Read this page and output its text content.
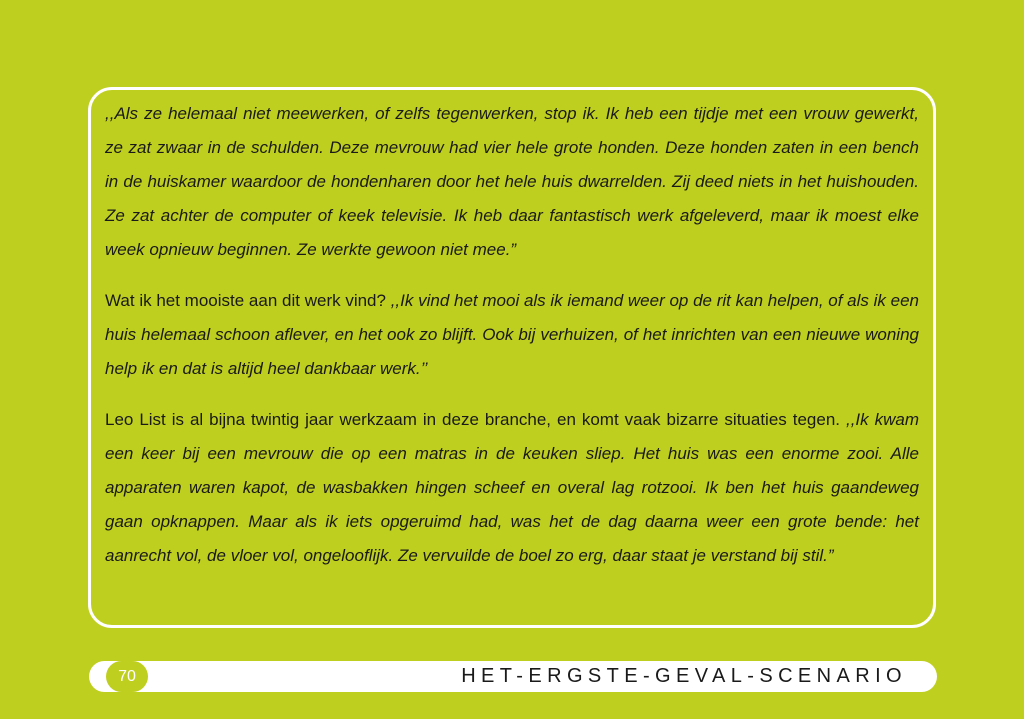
,,Als ze helemaal niet meewerken, of zelfs tegenwerken, stop ik. Ik heb een tijdje met een vrouw gewerkt, ze zat zwaar in de schulden. Deze mevrouw had vier hele grote honden. Deze honden zaten in een bench in de huiskamer waardoor de hondenharen door het hele huis dwarrelden. Zij deed niets in het huishouden. Ze zat achter de computer of keek televisie. Ik heb daar fantastisch werk afgeleverd, maar ik moest elke week opnieuw beginnen. Ze werkte gewoon niet mee.”

Wat ik het mooiste aan dit werk vind? ,,Ik vind het mooi als ik iemand weer op de rit kan helpen, of als ik een huis helemaal schoon aflever, en het ook zo blijft. Ook bij verhuizen, of het inrichten van een nieuwe woning help ik en dat is altijd heel dankbaar werk.’’

Leo List is al bijna twintig jaar werkzaam in deze branche, en komt vaak bizarre situaties tegen. ,,Ik kwam een keer bij een mevrouw die op een matras in de keuken sliep. Het huis was een enorme zooi. Alle apparaten waren kapot, de wasbakken hingen scheef en overal lag rotzooi. Ik ben het huis gaandeweg gaan opknappen. Maar als ik iets opgeruimd had, was het de dag daarna weer een grote bende: het aanrecht vol, de vloer vol, ongelooflijk. Ze vervuilde de boel zo erg, daar staat je verstand bij stil.”

70	HET-ERGSTE-GEVAL-SCENARIO
